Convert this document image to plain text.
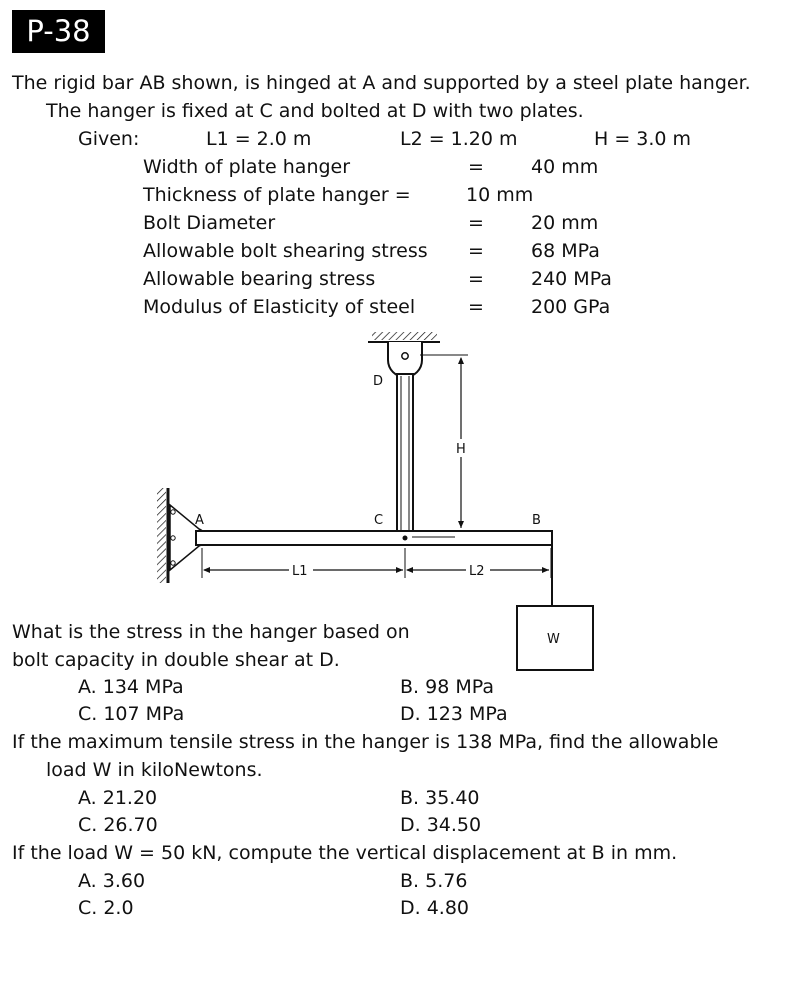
P-38
The rigid bar AB shown, is hinged at A and supported by a steel plate hanger.
The hanger is fixed at C and bolted at D with two plates.
Given:	L1 = 2.0 m	L2 = 1.20 m	H = 3.0 m
Width of plate hanger	= 40 mm
Thickness of plate hanger =	10 mm
Bolt Diameter	= 20 mm
Allowable bolt shearing stress = 68 MPa
Allowable bearing stress	= 240 MPa
Modulus of Elasticity of steel	= 200 GPa
D
H
A	C	B
L1	L2
W
What is the stress in the hanger based on
bolt capacity in double shear at D.
A. 134 MPa	B. 98 MPa
C. 107 MPa	D. 123 MPa
If the maximum tensile stress in the hanger is 138 MPa, find the allowable
load W in kiloNewtons.
A. 21.20	B. 35.40
C. 26.70	D. 34.50
If the load W = 50 kN, compute the vertical displacement at B in mm.
A. 3.60	B. 5.76
C. 2.0	D. 4.80
